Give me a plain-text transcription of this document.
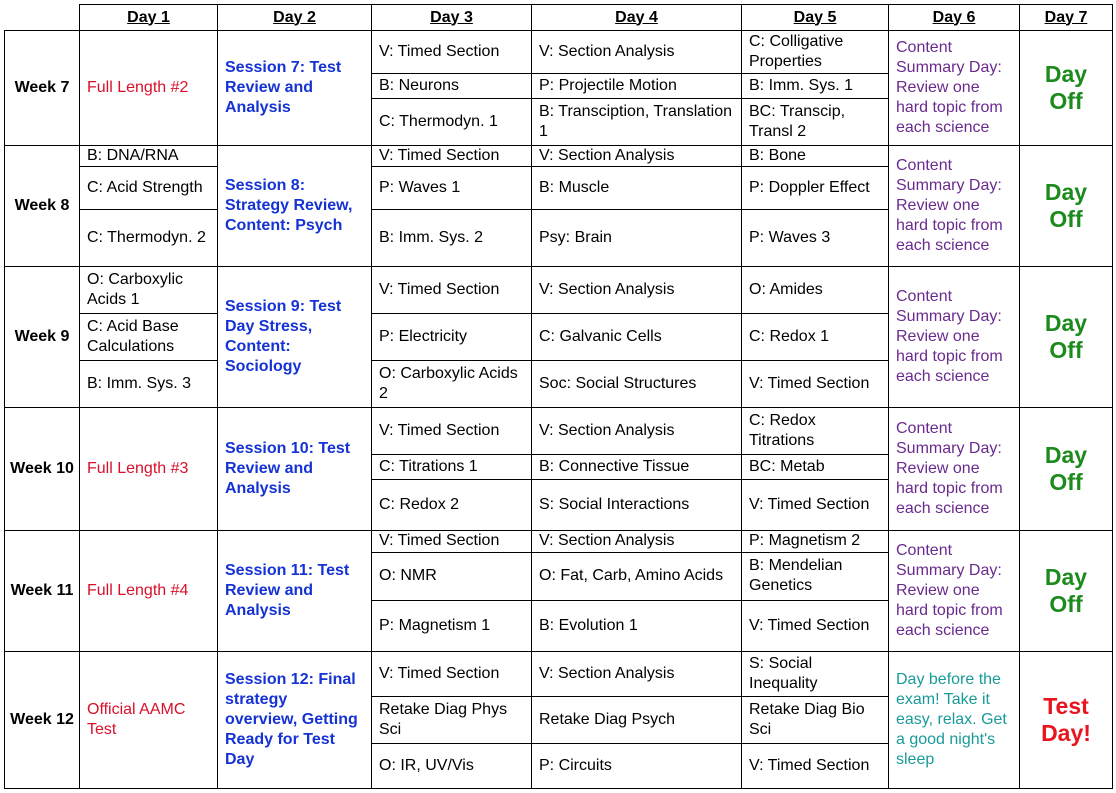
	Day 1	Day 2	Day 3	Day 4	Day 5	Day 6	Day 7
Week 7	Full Length #2	Session 7: Test Review and Analysis	V: Timed Section	V: Section Analysis	C: Colligative Properties	Content Summary Day: Review one hard topic from each science	Day Off
			B: Neurons	P: Projectile Motion	B: Imm. Sys. 1		
			C: Thermodyn. 1	B: Transciption, Translation 1	BC: Transcip, Transl 2		
Week 8	B: DNA/RNA	Session 8: Strategy Review, Content: Psych	V: Timed Section	V: Section Analysis	B: Bone	Content Summary Day: Review one hard topic from each science	Day Off
	C: Acid Strength		P: Waves 1	B: Muscle	P: Doppler Effect		
	C: Thermodyn. 2		B: Imm. Sys. 2	Psy: Brain	P: Waves 3		
Week 9	O: Carboxylic Acids 1	Session 9: Test Day Stress, Content: Sociology	V: Timed Section	V: Section Analysis	O: Amides	Content Summary Day: Review one hard topic from each science	Day Off
	C: Acid Base Calculations		P: Electricity	C: Galvanic Cells	C: Redox 1		
	B: Imm. Sys. 3		O: Carboxylic Acids 2	Soc: Social Structures	V: Timed Section		
Week 10	Full Length #3	Session 10: Test Review and Analysis	V: Timed Section	V: Section Analysis	C: Redox Titrations	Content Summary Day: Review one hard topic from each science	Day Off
			C: Titrations 1	B: Connective Tissue	BC: Metab		
			C: Redox 2	S: Social Interactions	V: Timed Section		
Week 11	Full Length #4	Session 11: Test Review and Analysis	V: Timed Section	V: Section Analysis	P: Magnetism 2	Content Summary Day: Review one hard topic from each science	Day Off
			O: NMR	O: Fat, Carb, Amino Acids	B: Mendelian Genetics		
			P: Magnetism 1	B: Evolution 1	V: Timed Section		
Week 12	Official AAMC Test	Session 12: Final strategy overview, Getting Ready for Test Day	V: Timed Section	V: Section Analysis	S: Social Inequality	Day before the exam! Take it easy, relax. Get a good night's sleep	Test Day!
			Retake Diag Phys Sci	Retake Diag Psych	Retake Diag Bio Sci		
			O: IR, UV/Vis	P: Circuits	V: Timed Section		
